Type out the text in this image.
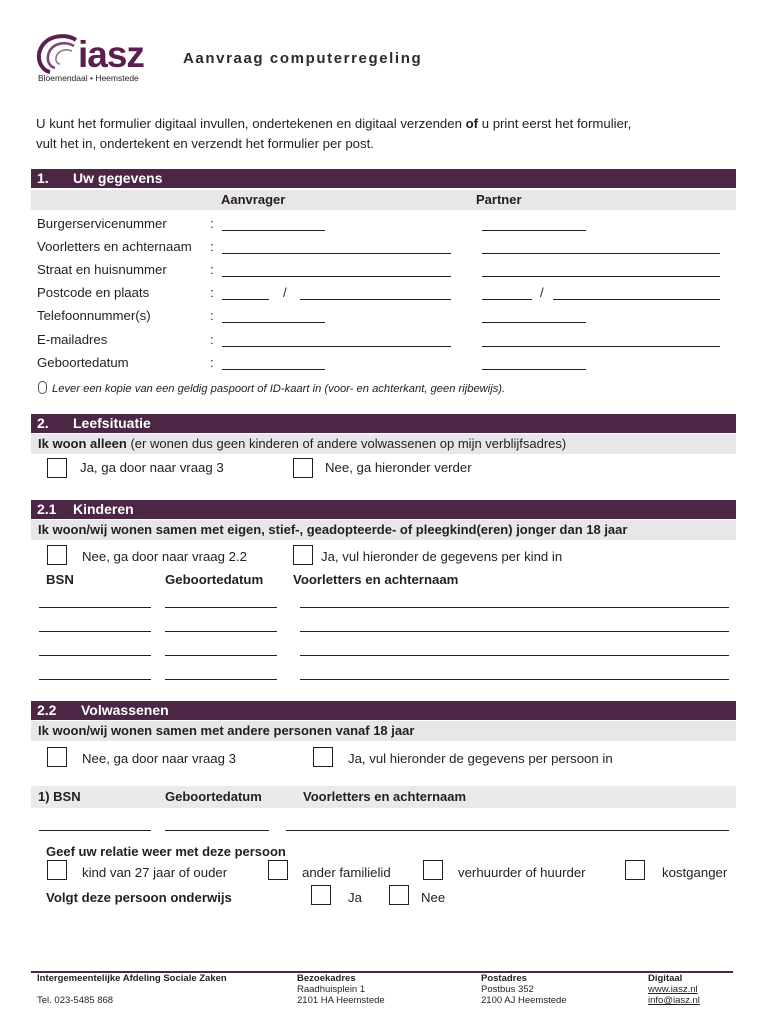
iasz
Bloemendaal • Heemstede
Aanvraag computerregeling
U kunt het formulier digitaal invullen, ondertekenen en digitaal verzenden of u print eerst het formulier,
vult het in, ondertekent en verzendt het formulier per post.
1. Uw gegevens
Aanvrager	Partner
Burgerservicenummer	:
Voorletters en achternaam :
Straat en huisnummer	:
Postcode en plaats	:	/	/
Telefoonnummer(s)	:
E-mailadres	:
Geboortedatum	:
Lever een kopie van een geldig paspoort of ID-kaart in (voor- en achterkant, geen rijbewijs).
2. Leefsituatie
Ik woon alleen (er wonen dus geen kinderen of andere volwassenen op mijn verblijfsadres)
Ja, ga door naar vraag 3	Nee, ga hieronder verder
2.1 Kinderen
Ik woon/wij wonen samen met eigen, stief-, geadopteerde- of pleegkind(eren) jonger dan 18 jaar
Nee, ga door naar vraag 2.2	Ja, vul hieronder de gegevens per kind in
BSN	Geboortedatum Voorletters en achternaam
2.2 Volwassenen
Ik woon/wij wonen samen met andere personen vanaf 18 jaar
Nee, ga door naar vraag 3	Ja, vul hieronder de gegevens per persoon in
1) BSN	Geboortedatum	Voorletters en achternaam
Geef uw relatie weer met deze persoon
kind van 27 jaar of ouder	ander familielid	verhuurder of huurder	kostganger
Volgt deze persoon onderwijs	Ja	Nee
Intergemeentelijke Afdeling Sociale Zaken
Tel. 023-5485 868
Bezoekadres
Raadhuisplein 1
2101 HA Heemstede
Postadres
Postbus 352
2100 AJ Heemstede
Digitaal
www.iasz.nl
info@iasz.nl
